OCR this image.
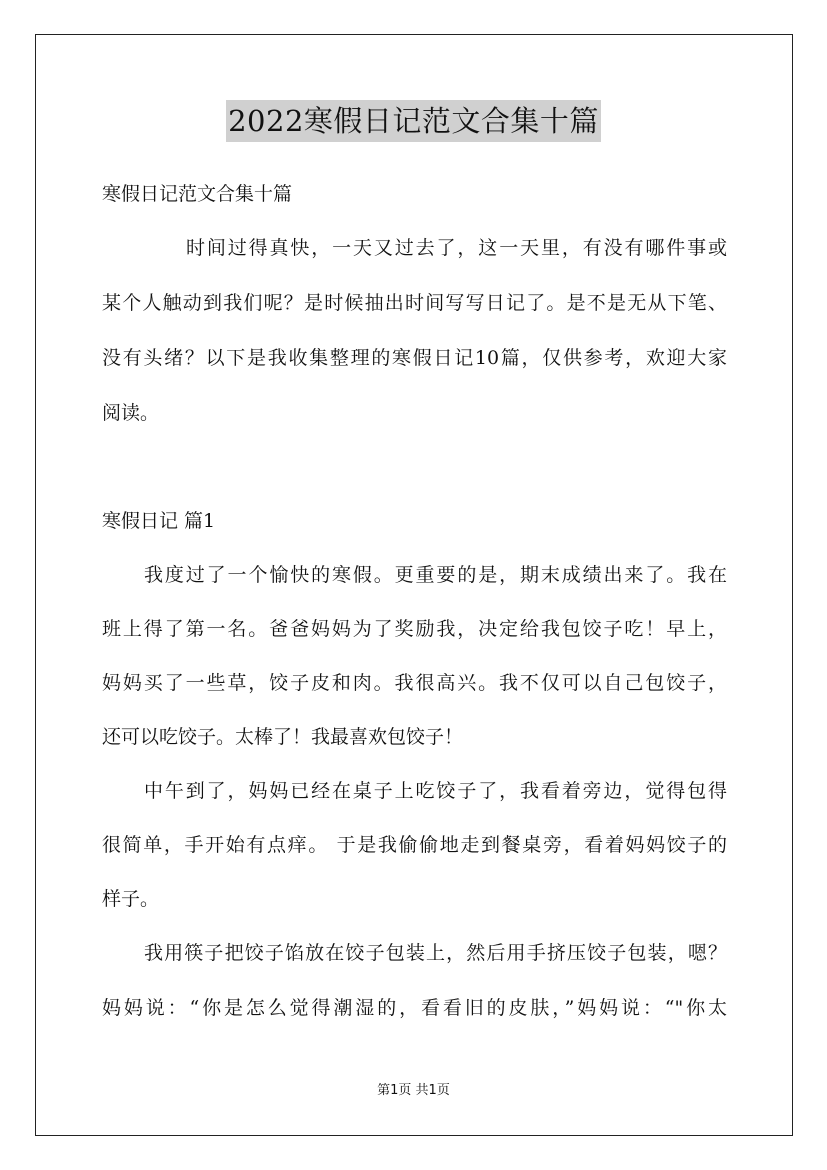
2022寒假日记范文合集十篇
寒假日记范文合集十篇
时间过得真快，一天又过去了，这一天里，有没有哪件事或
某个人触动到我们呢？是时候抽出时间写写日记了。是不是无从下笔、
没有头绪？以下是我收集整理的寒假日记10篇，仅供参考，欢迎大家
阅读。
寒假日记 篇1
我度过了一个愉快的寒假。更重要的是，期末成绩出来了。我在
班上得了第一名。爸爸妈妈为了奖励我，决定给我包饺子吃！早上，
妈妈买了一些草，饺子皮和肉。我很高兴。我不仅可以自己包饺子，
还可以吃饺子。太棒了！我最喜欢包饺子！
中午到了，妈妈已经在桌子上吃饺子了，我看着旁边，觉得包得
很简单，手开始有点痒。 于是我偷偷地走到餐桌旁，看着妈妈饺子的
样子。
我用筷子把饺子馅放在饺子包装上，然后用手挤压饺子包装，嗯？
妈妈说：“你是怎么觉得潮湿的，看看旧的皮肤，”妈妈说：“"你太
第1页 共1页
